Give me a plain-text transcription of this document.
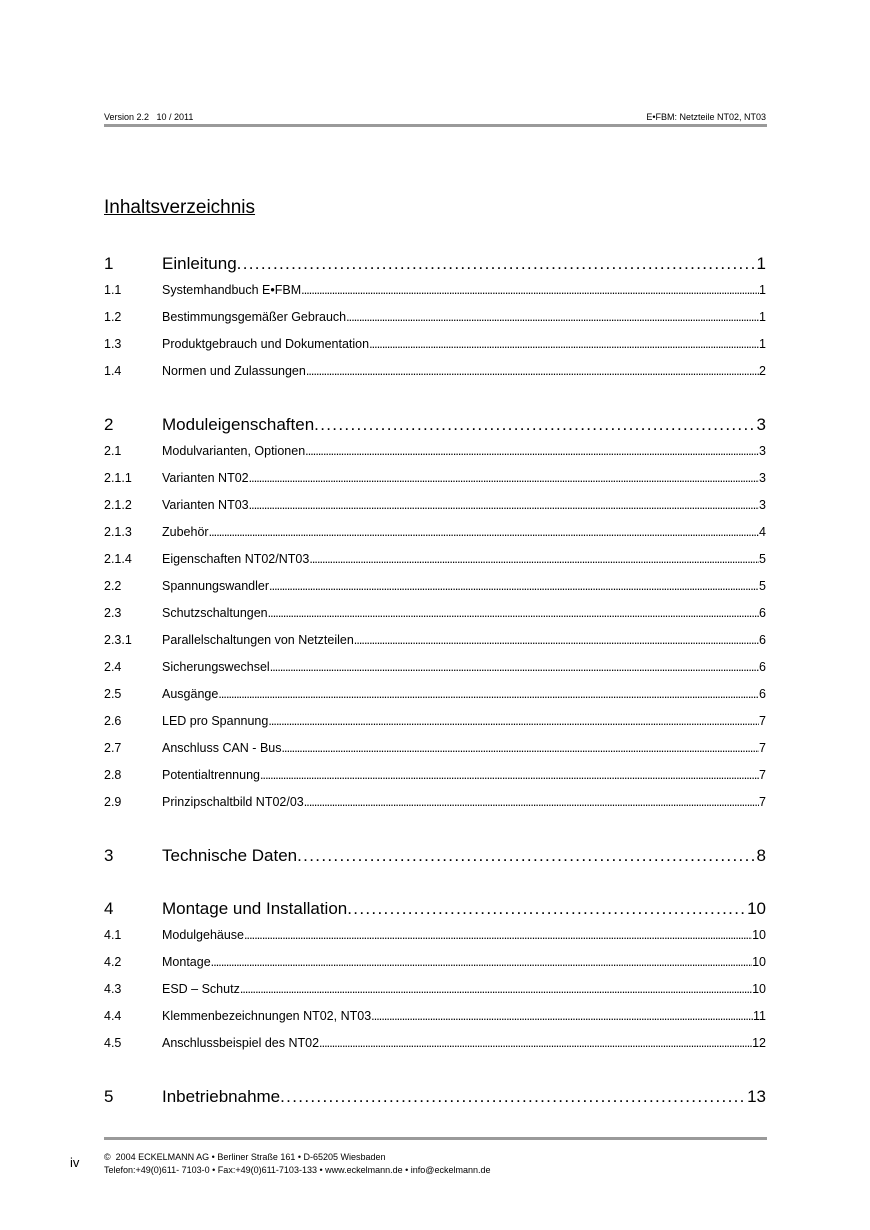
Version 2.2   10 / 2011	E•FBM: Netzteile NT02, NT03
Inhaltsverzeichnis
1	Einleitung . . .	1
1.1	Systemhandbuch E•FBM . . .	1
1.2	Bestimmungsgemäßer Gebrauch . . .	1
1.3	Produktgebrauch und Dokumentation . . .	1
1.4	Normen und Zulassungen . . .	2
2	Moduleigenschaften . . .	3
2.1	Modulvarianten, Optionen . . .	3
2.1.1	Varianten NT02 . . .	3
2.1.2	Varianten NT03 . . .	3
2.1.3	Zubehör . . .	4
2.1.4	Eigenschaften NT02/NT03 . . .	5
2.2	Spannungswandler . . .	5
2.3	Schutzschaltungen . . .	6
2.3.1	Parallelschaltungen von Netzteilen . . .	6
2.4	Sicherungswechsel . . .	6
2.5	Ausgänge . . .	6
2.6	LED pro Spannung . . .	7
2.7	Anschluss CAN - Bus . . .	7
2.8	Potentialtrennung . . .	7
2.9	Prinzipschaltbild NT02/03 . . .	7
3	Technische Daten . . .	8
4	Montage und Installation . . .	10
4.1	Modulgehäuse . . .	10
4.2	Montage . . .	10
4.3	ESD – Schutz . . .	10
4.4	Klemmenbezeichnungen NT02, NT03 . . .	11
4.5	Anschlussbeispiel des NT02 . . .	12
5	Inbetriebnahme . . .	13
iv	©  2004 ECKELMANN AG • Berliner Straße 161 • D-65205 Wiesbaden
Telefon:+49(0)611- 7103-0 • Fax:+49(0)611-7103-133 • www.eckelmann.de • info@eckelmann.de
